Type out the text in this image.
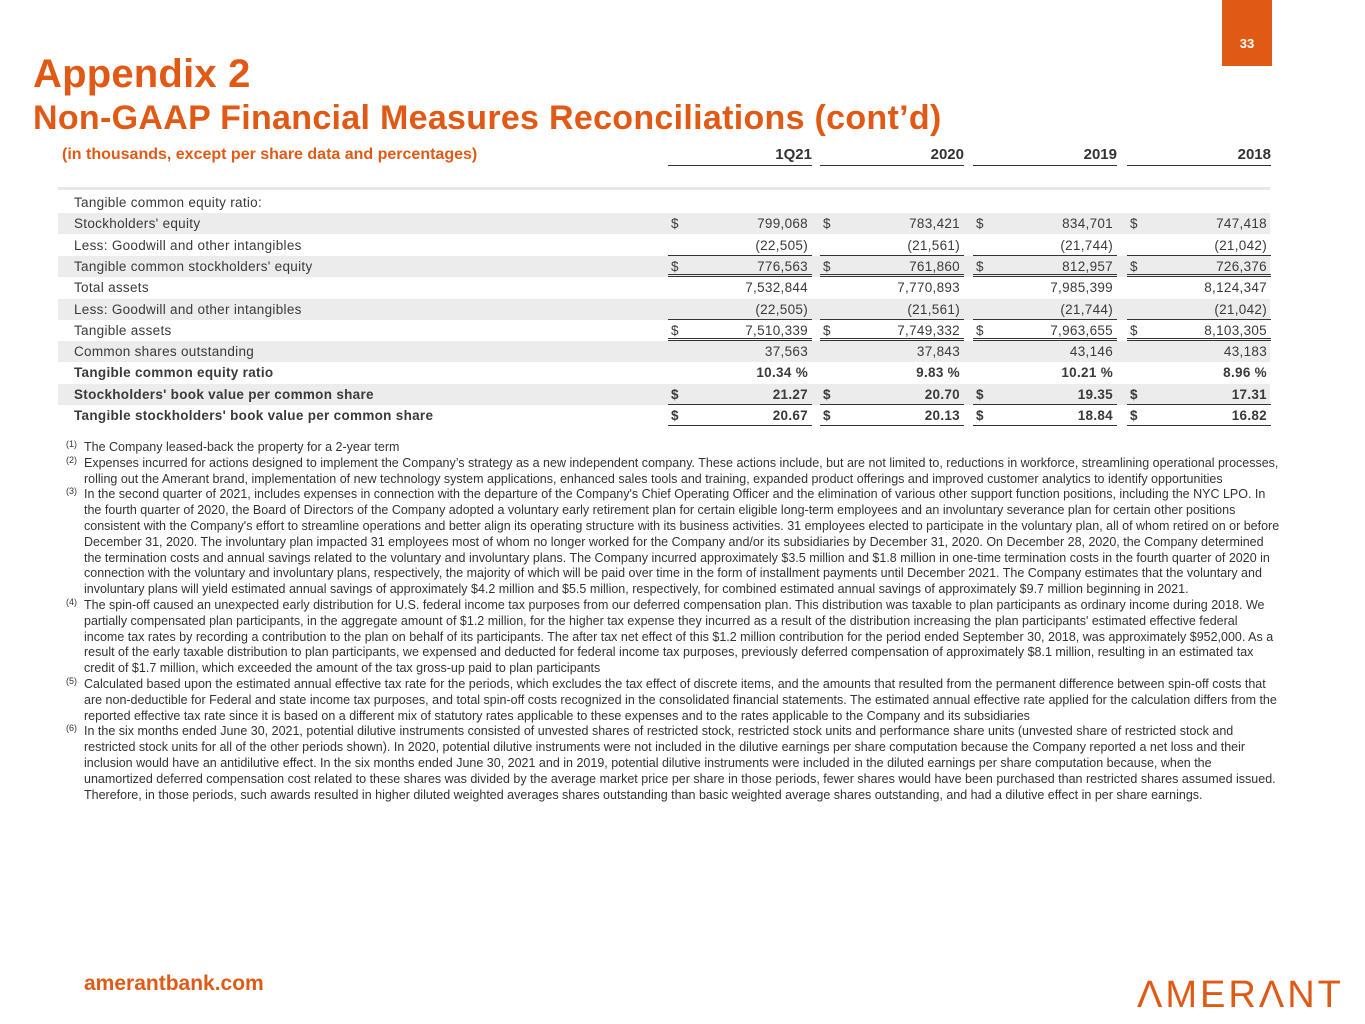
33
Appendix 2
Non-GAAP Financial Measures Reconciliations (cont’d)
(in thousands, except per share data and percentages)	1Q21	2020	2019	2018
Tangible common equity ratio:
Stockholders' equity	$	799,068 $	783,421 $	834,701 $	747,418
Less: Goodwill and other intangibles	(22,505)	(21,561)	(21,744)	(21,042)
Tangible common stockholders' equity	$	776,563 $	761,860 $	812,957 $	726,376
Total assets	7,532,844	7,770,893	7,985,399	8,124,347
Less: Goodwill and other intangibles	(22,505)	(21,561)	(21,744)	(21,042)
Tangible assets	$	7,510,339 $	7,749,332 $	7,963,655 $	8,103,305
Common shares outstanding	37,563	37,843	43,146	43,183
Tangible common equity ratio	10.34 %	9.83 %	10.21 %	8.96 %
Stockholders' book value per common share	$	21.27 $	20.70 $	19.35 $	17.31
Tangible stockholders' book value per common share	$	20.67 $	20.13 $	18.84 $	16.82
(1) The Company leased-back the property for a 2-year term
(2) Expenses incurred for actions designed to implement the Company’s strategy as a new independent company. These actions include, but are not limited to, reductions in workforce, streamlining operational processes, rolling out the Amerant brand, implementation of new technology system applications, enhanced sales tools and training, expanded product offerings and improved customer analytics to identify opportunities
(3) In the second quarter of 2021, includes expenses in connection with the departure of the Company's Chief Operating Officer and the elimination of various other support function positions, including the NYC LPO. In the fourth quarter of 2020, the Board of Directors of the Company adopted a voluntary early retirement plan for certain eligible long-term employees and an involuntary severance plan for certain other positions consistent with the Company's effort to streamline operations and better align its operating structure with its business activities. 31 employees elected to participate in the voluntary plan, all of whom retired on or before December 31, 2020. The involuntary plan impacted 31 employees most of whom no longer worked for the Company and/or its subsidiaries by December 31, 2020. On December 28, 2020, the Company determined the termination costs and annual savings related to the voluntary and involuntary plans. The Company incurred approximately $3.5 million and $1.8 million in one-time termination costs in the fourth quarter of 2020 in connection with the voluntary and involuntary plans, respectively, the majority of which will be paid over time in the form of installment payments until December 2021. The Company estimates that the voluntary and involuntary plans will yield estimated annual savings of approximately $4.2 million and $5.5 million, respectively, for combined estimated annual savings of approximately $9.7 million beginning in 2021.
(4) The spin-off caused an unexpected early distribution for U.S. federal income tax purposes from our deferred compensation plan. This distribution was taxable to plan participants as ordinary income during 2018. We partially compensated plan participants, in the aggregate amount of $1.2 million, for the higher tax expense they incurred as a result of the distribution increasing the plan participants' estimated effective federal income tax rates by recording a contribution to the plan on behalf of its participants. The after tax net effect of this $1.2 million contribution for the period ended September 30, 2018, was approximately $952,000. As a result of the early taxable distribution to plan participants, we expensed and deducted for federal income tax purposes, previously deferred compensation of approximately $8.1 million, resulting in an estimated tax credit of $1.7 million, which exceeded the amount of the tax gross-up paid to plan participants
(5) Calculated based upon the estimated annual effective tax rate for the periods, which excludes the tax effect of discrete items, and the amounts that resulted from the permanent difference between spin-off costs that are non-deductible for Federal and state income tax purposes, and total spin-off costs recognized in the consolidated financial statements. The estimated annual effective rate applied for the calculation differs from the reported effective tax rate since it is based on a different mix of statutory rates applicable to these expenses and to the rates applicable to the Company and its subsidiaries
(6) In the six months ended June 30, 2021, potential dilutive instruments consisted of unvested shares of restricted stock, restricted stock units and performance share units (unvested share of restricted stock and restricted stock units for all of the other periods shown). In 2020, potential dilutive instruments were not included in the dilutive earnings per share computation because the Company reported a net loss and their inclusion would have an antidilutive effect. In the six months ended June 30, 2021 and in 2019, potential dilutive instruments were included in the diluted earnings per share computation because, when the unamortized deferred compensation cost related to these shares was divided by the average market price per share in those periods, fewer shares would have been purchased than restricted shares assumed issued. Therefore, in those periods, such awards resulted in higher diluted weighted averages shares outstanding than basic weighted average shares outstanding, and had a dilutive effect in per share earnings.
amerantbank.com	ΛMERΛNT
